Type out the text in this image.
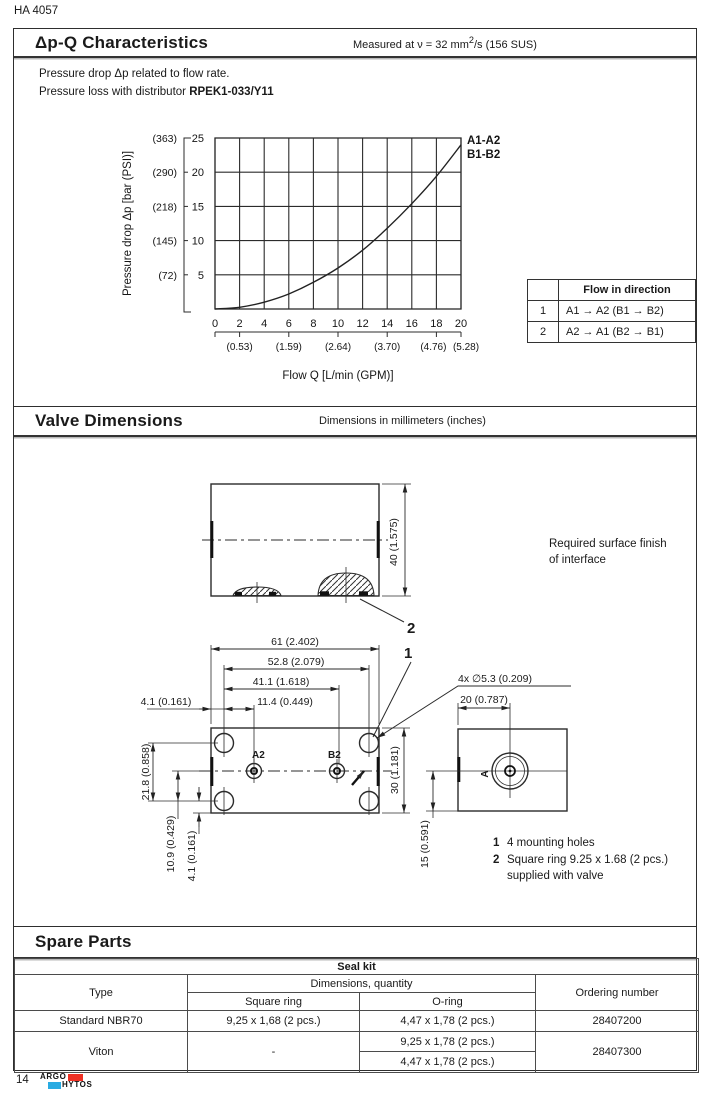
HA 4057
Δp-Q Characteristics	Measured at ν = 32 $mm^2/s$ (156 SUS)
Pressure drop Δp related to flow rate.
Pressure loss with distributor RPEK1-033/Y11
0 2 4 6 8 10 12 14 16 18 20
(0.53) (1.59) (2.64) (3.70) (4.76) (5.28)
5
10
15
20
25
(72)
(145)
(218)
(290)
(363)
Flow Q [L/min (GPM)]
Pressure drop Δp [bar (PSI)]
A1-A2
B1-B2
	Flow in direction
1	A1 → A2 (B1 → B2)
2	A2 → A1 (B2 → B1)
Valve Dimensions	Dimensions in millimeters (inches)
40 (1.575)
2
1
Required surface finish
of interface
61 (2.402)
52.8 (2.079)
41.1 (1.618)
11.4 (0.449)
4.1 (0.161)
21.8 (0.858)
10.9 (0.429) 4.1 (0.161)
30 (1.181)
20 (0.787)
15 (0.591)
4x ∅5.3 (0.209)
A2	B2
A
1 4 mounting holes
2 Square ring 9.25 x 1.68 (2 pcs.)
supplied with valve
Spare Parts
Seal kit			
Type	Dimensions, quantity		Ordering number
	Square ring	O-ring	
Standard NBR70	9,25 x 1,68 (2 pcs.)	4,47 x 1,78 (2 pcs.)	28407200
Viton	-	9,25 x 1,78 (2 pcs.)	28407300
		4,47 x 1,78 (2 pcs.)	
14 ARGO
HYTOS
